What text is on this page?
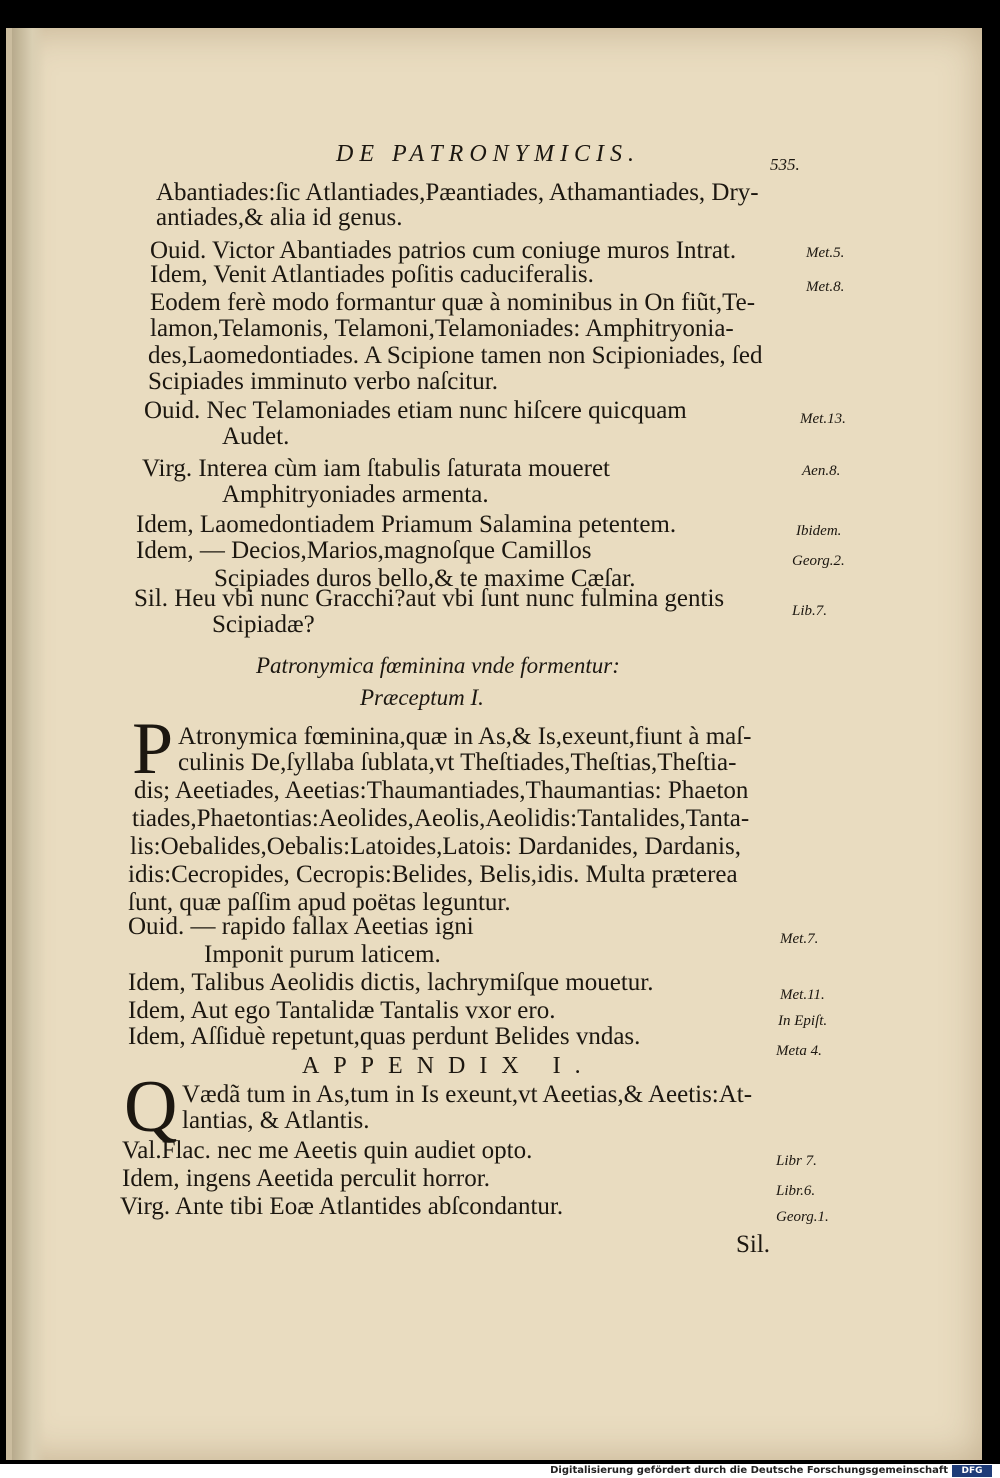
DE PATRONYMICIS.	535.
Abantiades:ſic Atlantiades,Pæantiades, Athamantiades, Dry-
antiades,& alia id genus.
Ouid. Victor Abantiades patrios cum coniuge muros Intrat.
Idem, Venit Atlantiades poſitis caduciferalis.
Eodem ferè modo formantur quæ à nominibus in On fiũt,Te-
lamon,Telamonis, Telamoni,Telamoniades: Amphitryonia-
des,Laomedontiades. A Scipione tamen non Scipioniades, ſed
Scipiades imminuto verbo naſcitur.
Ouid. Nec Telamoniades etiam nunc hiſcere quicquam
Audet.
Virg. Interea cùm iam ſtabulis ſaturata moueret
Amphitryoniades armenta.
Idem, Laomedontiadem Priamum Salamina petentem.
Idem, — Decios,Marios,magnoſque Camillos
Scipiades duros bello,& te maxime Cæſar.
Sil. Heu vbi nunc Gracchi?aut vbi ſunt nunc fulmina gentis
Scipiadæ?
Met.5.
Met.8.
Met.13.
Aen.8.
Ibidem.
Georg.2.
Lib.7.
Patronymica fœminina vnde formentur:
Præceptum I.
P Atronymica fœminina,quæ in As,& Is,exeunt,fiunt à maſ-
culinis De,ſyllaba ſublata,vt Theſtiades,Theſtias,Theſtia-
dis; Aeetiades, Aeetias:Thaumantiades,Thaumantias: Phaeton
tiades,Phaetontias:Aeolides,Aeolis,Aeolidis:Tantalides,Tanta-
lis:Oebalides,Oebalis:Latoides,Latois: Dardanides, Dardanis,
idis:Cecropides, Cecropis:Belides, Belis,idis. Multa præterea
ſunt, quæ paſſim apud poëtas leguntur.
Ouid. — rapido fallax Aeetias igni
Imponit purum laticem.
Idem, Talibus Aeolidis dictis, lachrymiſque mouetur.
Idem, Aut ego Tantalidæ Tantalis vxor ero.
Idem, Aſſiduè repetunt,quas perdunt Belides vndas.
Met.7.
Met.11.
In Epiſt.
Meta 4.
APPENDIX I.
Q Vædã tum in As,tum in Is exeunt,vt Aeetias,& Aeetis:At-
lantias, & Atlantis.
Val.Flac. nec me Aeetis quin audiet opto.
Idem, ingens Aeetida perculit horror.
Virg. Ante tibi Eoæ Atlantides abſcondantur.
Libr 7.
Libr.6.
Georg.1.
Sil.
Digitalisierung gefördert durch die Deutsche Forschungsgemeinschaft	DFG
